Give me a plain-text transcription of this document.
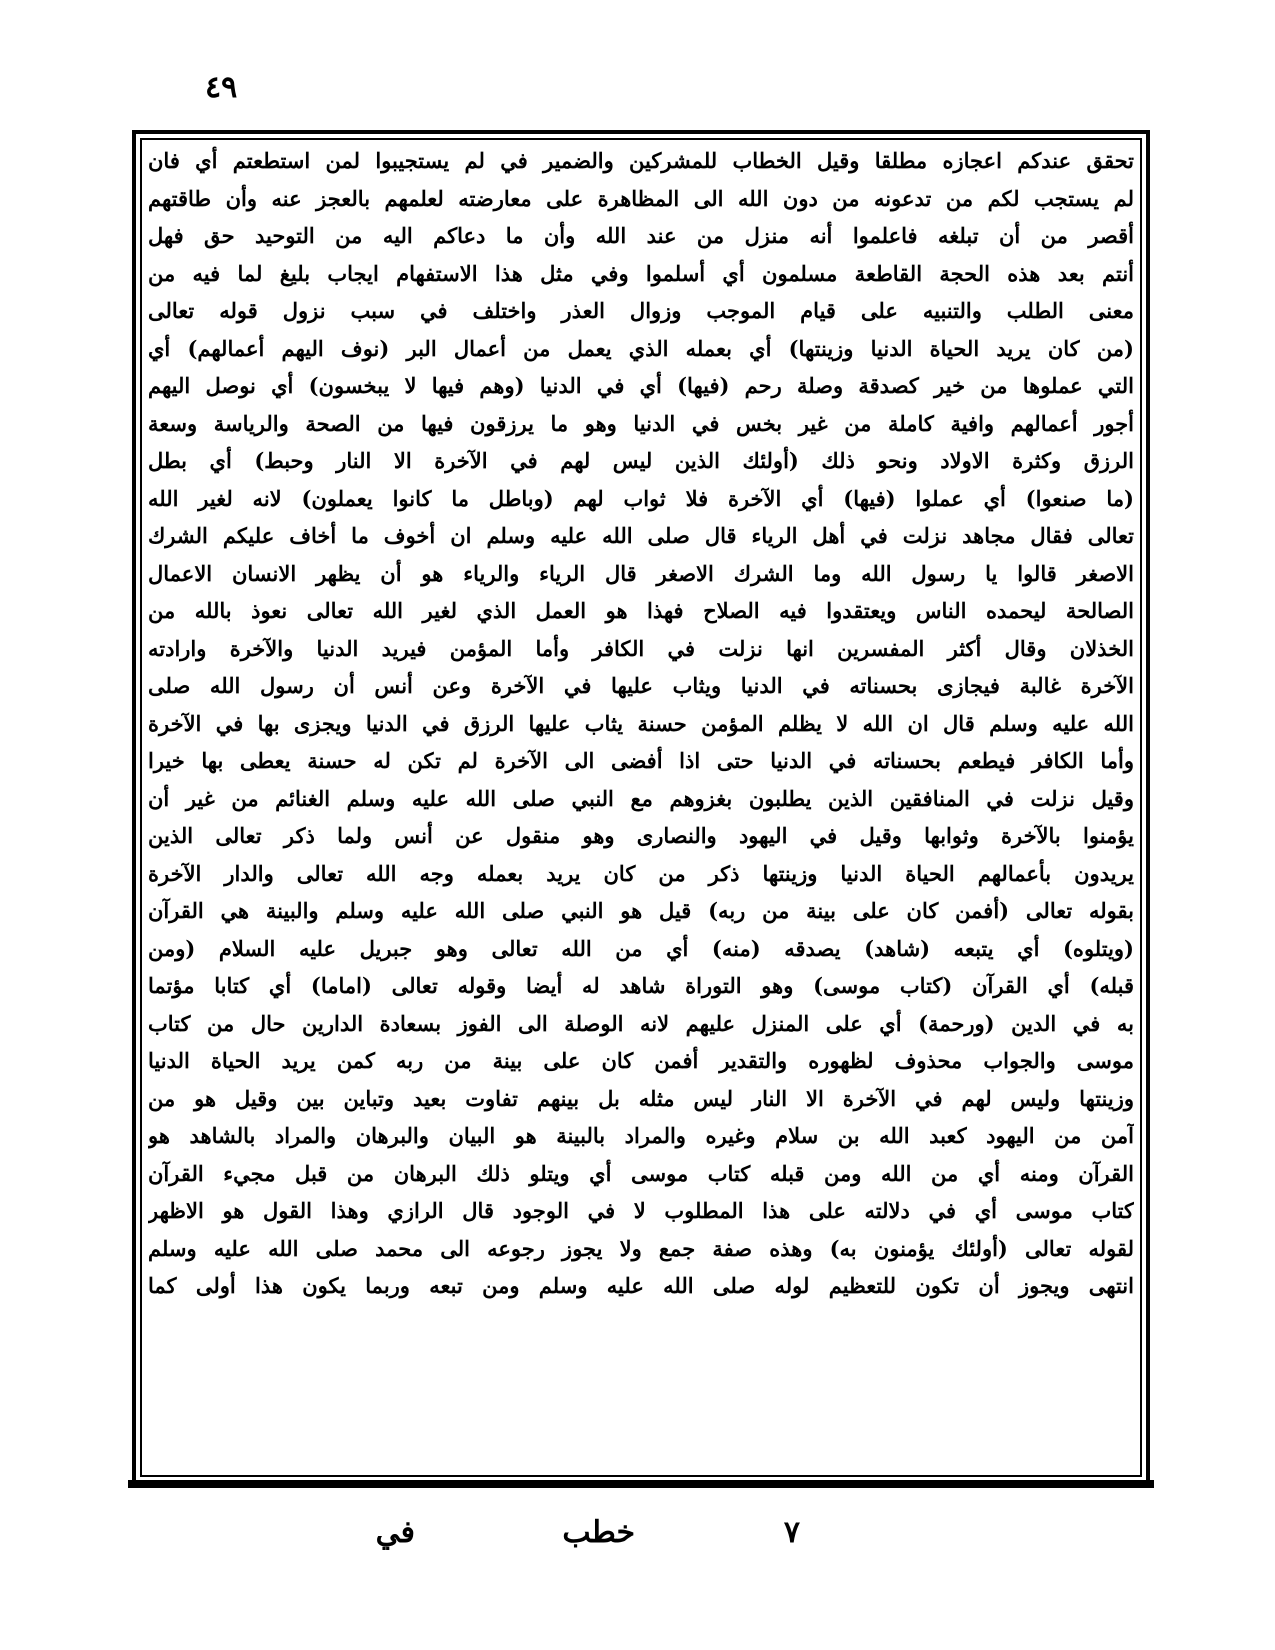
٤٩
تحقق عندكم اعجازه مطلقا وقيل الخطاب للمشركين والضمير في لم يستجيبوا لمن استطعتم أي فان
لم يستجب لكم من تدعونه من دون الله الى المظاهرة على معارضته لعلمهم بالعجز عنه وأن طاقتهم
أقصر من أن تبلغه فاعلموا أنه منزل من عند الله وأن ما دعاكم اليه من التوحيد حق فهل
أنتم بعد هذه الحجة القاطعة مسلمون أي أسلموا وفي مثل هذا الاستفهام ايجاب بليغ لما فيه من
معنى الطلب والتنبيه على قيام الموجب وزوال العذر واختلف في سبب نزول قوله تعالى
(من كان يريد الحياة الدنيا وزينتها) أي بعمله الذي يعمل من أعمال البر (نوف اليهم أعمالهم) أي
التي عملوها من خير كصدقة وصلة رحم (فيها) أي في الدنيا (وهم فيها لا يبخسون) أي نوصل اليهم
أجور أعمالهم وافية كاملة من غير بخس في الدنيا وهو ما يرزقون فيها من الصحة والرياسة وسعة
الرزق وكثرة الاولاد ونحو ذلك (أولئك الذين ليس لهم في الآخرة الا النار وحبط) أي بطل
(ما صنعوا) أي عملوا (فيها) أي الآخرة فلا ثواب لهم (وباطل ما كانوا يعملون) لانه لغير الله
تعالى فقال مجاهد نزلت في أهل الرياء قال صلى الله عليه وسلم ان أخوف ما أخاف عليكم الشرك
الاصغر قالوا يا رسول الله وما الشرك الاصغر قال الرياء والرياء هو أن يظهر الانسان الاعمال
الصالحة ليحمده الناس ويعتقدوا فيه الصلاح فهذا هو العمل الذي لغير الله تعالى نعوذ بالله من
الخذلان وقال أكثر المفسرين انها نزلت في الكافر وأما المؤمن فيريد الدنيا والآخرة وارادته
الآخرة غالبة فيجازى بحسناته في الدنيا ويثاب عليها في الآخرة وعن أنس أن رسول الله صلى
الله عليه وسلم قال ان الله لا يظلم المؤمن حسنة يثاب عليها الرزق في الدنيا ويجزى بها في الآخرة
وأما الكافر فيطعم بحسناته في الدنيا حتى اذا أفضى الى الآخرة لم تكن له حسنة يعطى بها خيرا
وقيل نزلت في المنافقين الذين يطلبون بغزوهم مع النبي صلى الله عليه وسلم الغنائم من غير أن
يؤمنوا بالآخرة وثوابها وقيل في اليهود والنصارى وهو منقول عن أنس ولما ذكر تعالى الذين
يريدون بأعمالهم الحياة الدنيا وزينتها ذكر من كان يريد بعمله وجه الله تعالى والدار الآخرة
بقوله تعالى (أفمن كان على بينة من ربه) قيل هو النبي صلى الله عليه وسلم والبينة هي القرآن
(ويتلوه) أي يتبعه (شاهد) يصدقه (منه) أي من الله تعالى وهو جبريل عليه السلام (ومن
قبله) أي القرآن (كتاب موسى) وهو التوراة شاهد له أيضا وقوله تعالى (اماما) أي كتابا مؤتما
به في الدين (ورحمة) أي على المنزل عليهم لانه الوصلة الى الفوز بسعادة الدارين حال من كتاب
موسى والجواب محذوف لظهوره والتقدير أفمن كان على بينة من ربه كمن يريد الحياة الدنيا
وزينتها وليس لهم في الآخرة الا النار ليس مثله بل بينهم تفاوت بعيد وتباين بين وقيل هو من
آمن من اليهود كعبد الله بن سلام وغيره والمراد بالبينة هو البيان والبرهان والمراد بالشاهد هو
القرآن ومنه أي من الله ومن قبله كتاب موسى أي ويتلو ذلك البرهان من قبل مجيء القرآن
كتاب موسى أي في دلالته على هذا المطلوب لا في الوجود قال الرازي وهذا القول هو الاظهر
لقوله تعالى (أولئك يؤمنون به) وهذه صفة جمع ولا يجوز رجوعه الى محمد صلى الله عليه وسلم
انتهى ويجوز أن تكون للتعظيم لوله صلى الله عليه وسلم ومن تبعه وربما يكون هذا أولى كما
في	خطب	٧
